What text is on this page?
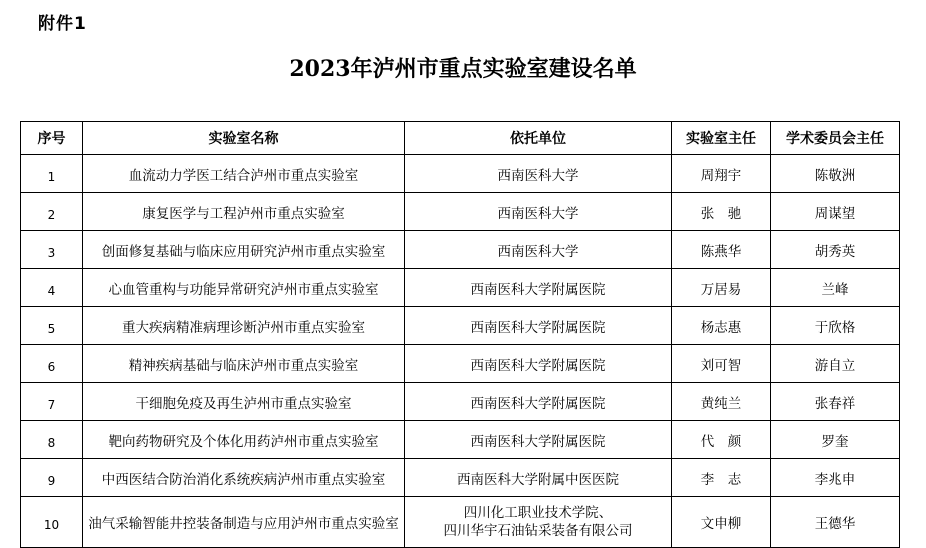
附件1
2023年泸州市重点实验室建设名单
序号	实验室名称	依托单位	实验室主任	学术委员会主任
1	血流动力学医工结合泸州市重点实验室	西南医科大学	周翔宇	陈敬洲
2	康复医学与工程泸州市重点实验室	西南医科大学	张　驰	周谋望
3	创面修复基础与临床应用研究泸州市重点实验室	西南医科大学	陈燕华	胡秀英
4	心血管重构与功能异常研究泸州市重点实验室	西南医科大学附属医院	万居易	兰峰
5	重大疾病精准病理诊断泸州市重点实验室	西南医科大学附属医院	杨志惠	于欣格
6	精神疾病基础与临床泸州市重点实验室	西南医科大学附属医院	刘可智	游自立
7	干细胞免疫及再生泸州市重点实验室	西南医科大学附属医院	黄纯兰	张春祥
8	靶向药物研究及个体化用药泸州市重点实验室	西南医科大学附属医院	代　颜	罗奎
9	中西医结合防治消化系统疾病泸州市重点实验室	西南医科大学附属中医医院	李　志	李兆申
10	油气采输智能井控装备制造与应用泸州市重点实验室	四川化工职业技术学院、
四川华宇石油钻采装备有限公司	文申柳	王德华
